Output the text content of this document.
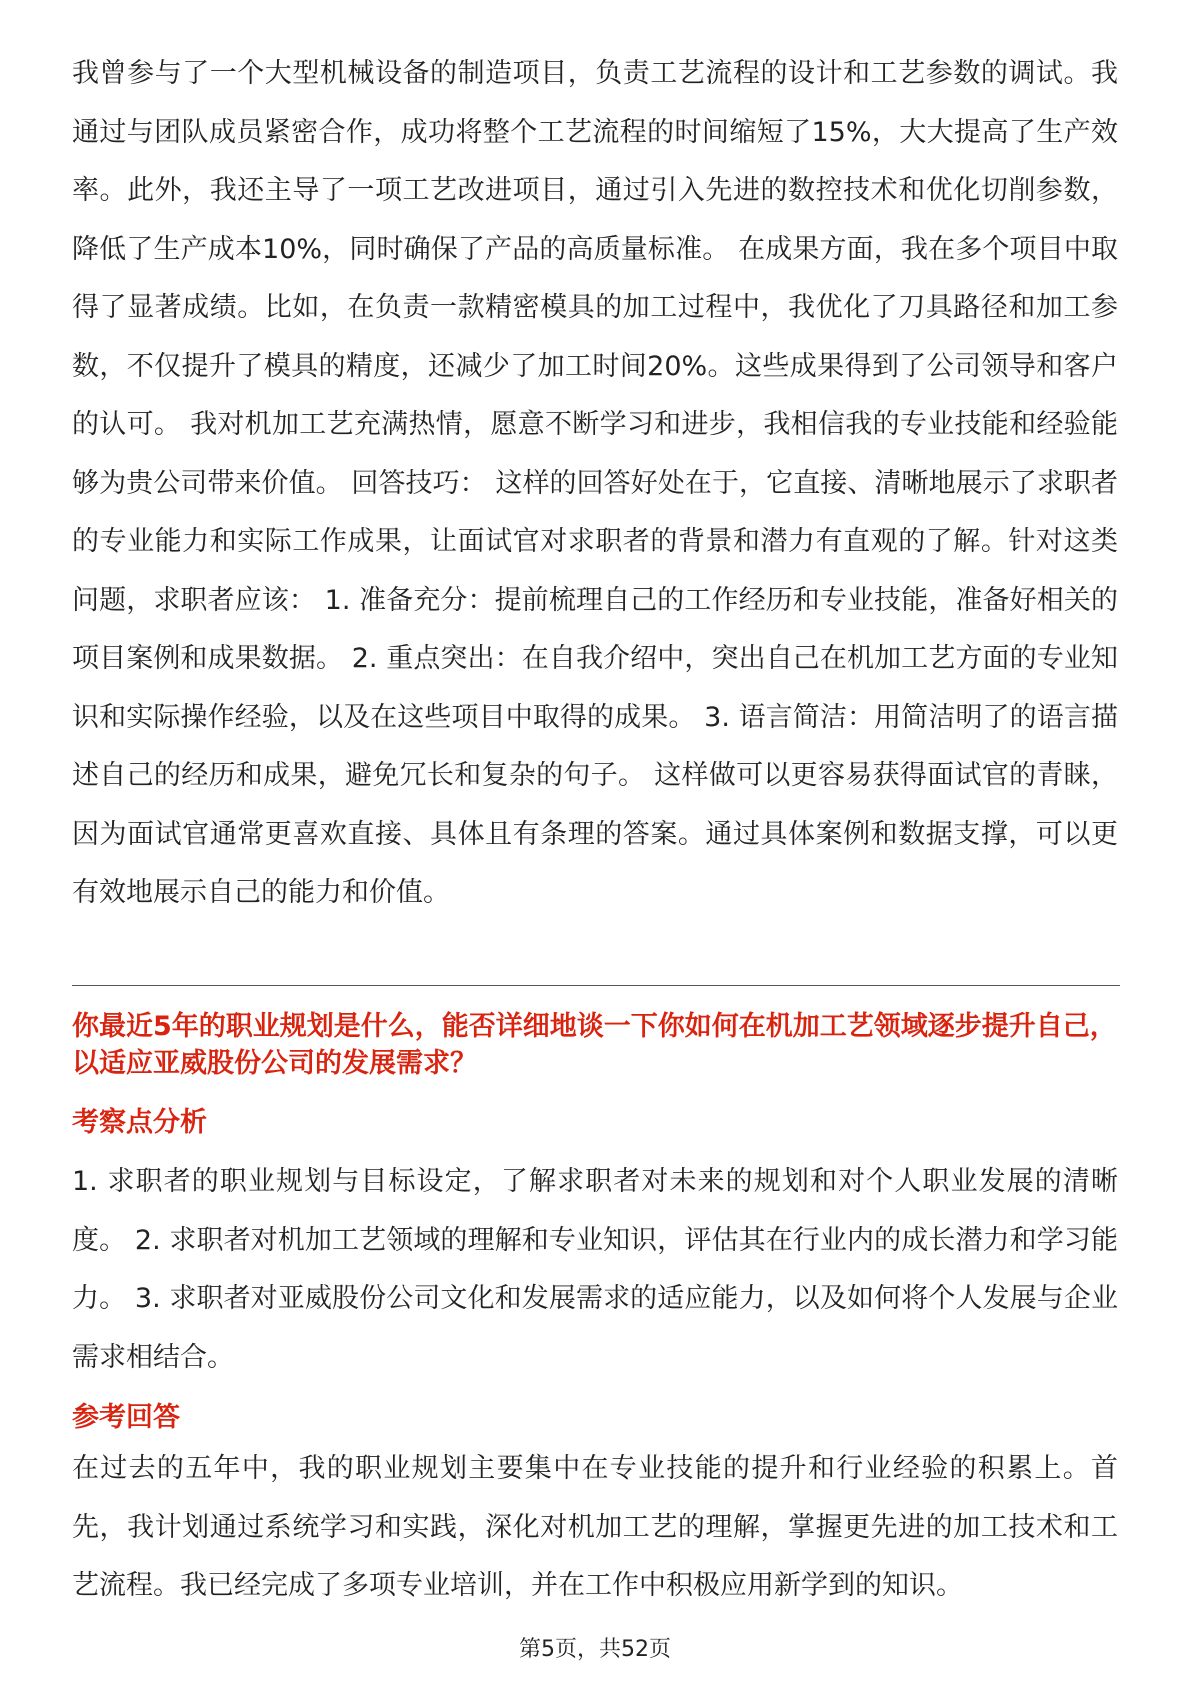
我曾参与了一个大型机械设备的制造项目，负责工艺流程的设计和工艺参数的调试。我通过与团队成员紧密合作，成功将整个工艺流程的时间缩短了15%，大大提高了生产效率。此外，我还主导了一项工艺改进项目，通过引入先进的数控技术和优化切削参数，降低了生产成本10%，同时确保了产品的高质量标准。 在成果方面，我在多个项目中取得了显著成绩。比如，在负责一款精密模具的加工过程中，我优化了刀具路径和加工参数，不仅提升了模具的精度，还减少了加工时间20%。这些成果得到了公司领导和客户的认可。 我对机加工艺充满热情，愿意不断学习和进步，我相信我的专业技能和经验能够为贵公司带来价值。 回答技巧： 这样的回答好处在于，它直接、清晰地展示了求职者的专业能力和实际工作成果，让面试官对求职者的背景和潜力有直观的了解。针对这类问题，求职者应该： 1. 准备充分：提前梳理自己的工作经历和专业技能，准备好相关的项目案例和成果数据。 2. 重点突出：在自我介绍中，突出自己在机加工艺方面的专业知识和实际操作经验，以及在这些项目中取得的成果。 3. 语言简洁：用简洁明了的语言描述自己的经历和成果，避免冗长和复杂的句子。 这样做可以更容易获得面试官的青睐，因为面试官通常更喜欢直接、具体且有条理的答案。通过具体案例和数据支撑，可以更有效地展示自己的能力和价值。

你最近5年的职业规划是什么，能否详细地谈一下你如何在机加工艺领域逐步提升自己，以适应亚威股份公司的发展需求？

考察点分析

1. 求职者的职业规划与目标设定，了解求职者对未来的规划和对个人职业发展的清晰度。 2. 求职者对机加工艺领域的理解和专业知识，评估其在行业内的成长潜力和学习能力。 3. 求职者对亚威股份公司文化和发展需求的适应能力，以及如何将个人发展与企业需求相结合。

参考回答

在过去的五年中，我的职业规划主要集中在专业技能的提升和行业经验的积累上。首先，我计划通过系统学习和实践，深化对机加工艺的理解，掌握更先进的加工技术和工艺流程。我已经完成了多项专业培训，并在工作中积极应用新学到的知识。

第5页，共52页
